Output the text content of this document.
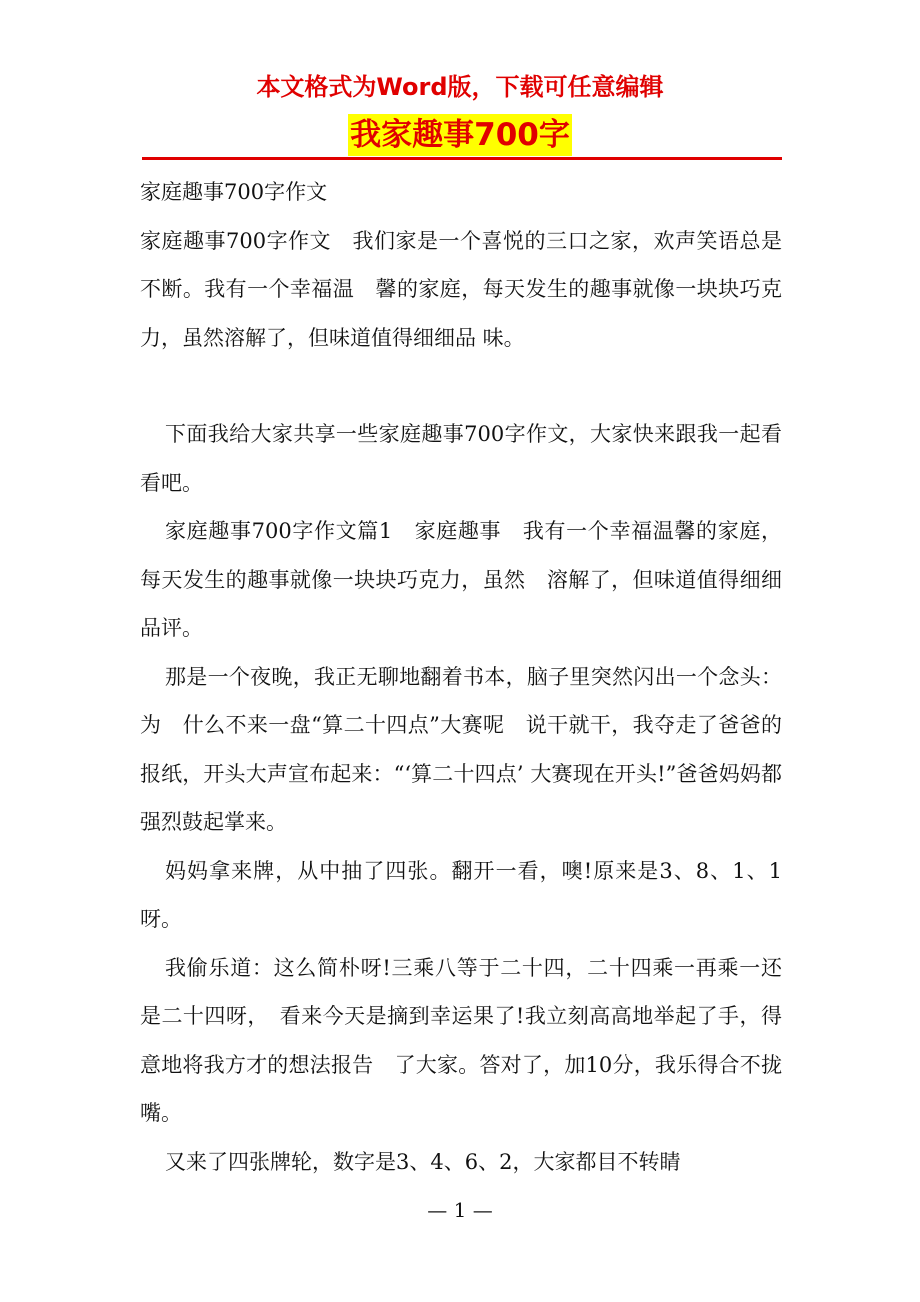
本文格式为Word版，下载可任意编辑
我家趣事700字

家庭趣事700字作文

家庭趣事700字作文　我们家是一个喜悦的三口之家，欢声笑语总是不断。我有一个幸福温　馨的家庭，每天发生的趣事就像一块块巧克力，虽然溶解了，但味道值得细细品 味。

下面我给大家共享一些家庭趣事700字作文，大家快来跟我一起看看吧。

家庭趣事700字作文篇1　家庭趣事　我有一个幸福温馨的家庭，每天发生的趣事就像一块块巧克力，虽然　溶解了，但味道值得细细品评。

那是一个夜晚，我正无聊地翻着书本，脑子里突然闪出一个念头：为　什么不来一盘“算二十四点”大赛呢　说干就干，我夺走了爸爸的报纸，开头大声宣布起来：“‘算二十四点’ 大赛现在开头!”爸爸妈妈都强烈鼓起掌来。

妈妈拿来牌，从中抽了四张。翻开一看，噢!原来是3、8、1、1呀。

我偷乐道：这么简朴呀!三乘八等于二十四，二十四乘一再乘一还是二十四呀，　看来今天是摘到幸运果了!我立刻高高地举起了手，得意地将我方才的想法报告　了大家。答对了，加10分，我乐得合不拢嘴。

又来了四张牌轮，数字是3、4、6、2，大家都目不转睛

— 1 —
